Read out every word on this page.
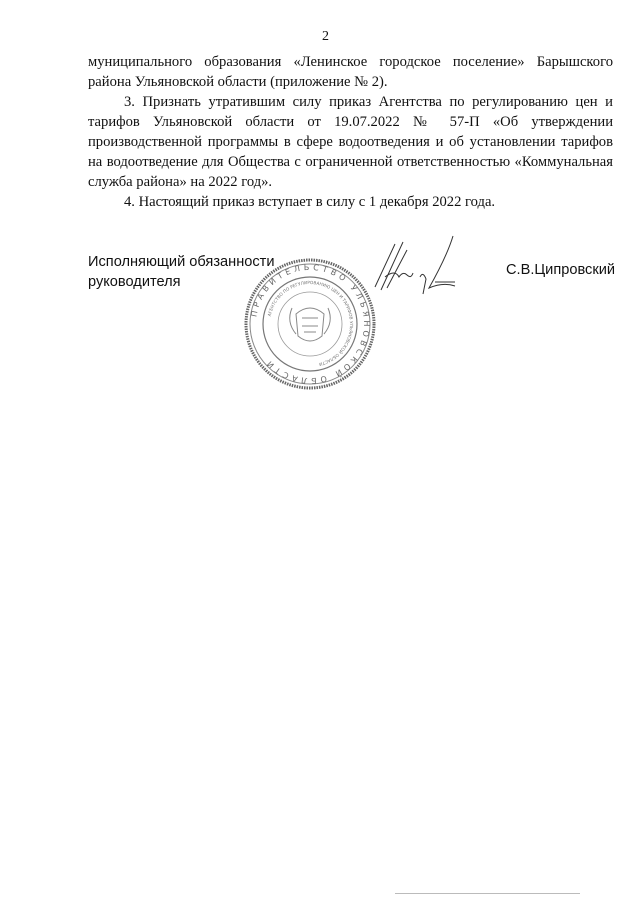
2

муниципального образования «Ленинское городское поселение» Барышского района Ульяновской области (приложение № 2).

3. Признать утратившим силу приказ Агентства по регулированию цен и тарифов Ульяновской области от 19.07.2022 № 57-П «Об утверждении производственной программы в сфере водоотведения и об установлении тарифов на водоотведение для Общества с ограниченной ответственностью «Коммунальная служба района» на 2022 год».

4. Настоящий приказ вступает в силу с 1 декабря 2022 года.

Исполняющий обязанности
руководителя
ПРАВИТЕЛЬСТВО УЛЬЯНОВСКОЙ ОБЛАСТИ
АГЕНТСТВО ПО РЕГУЛИРОВАНИЮ ЦЕН И ТАРИФОВ УЛЬЯНОВСКОЙ ОБЛАСТИ
С.В.Ципровский
